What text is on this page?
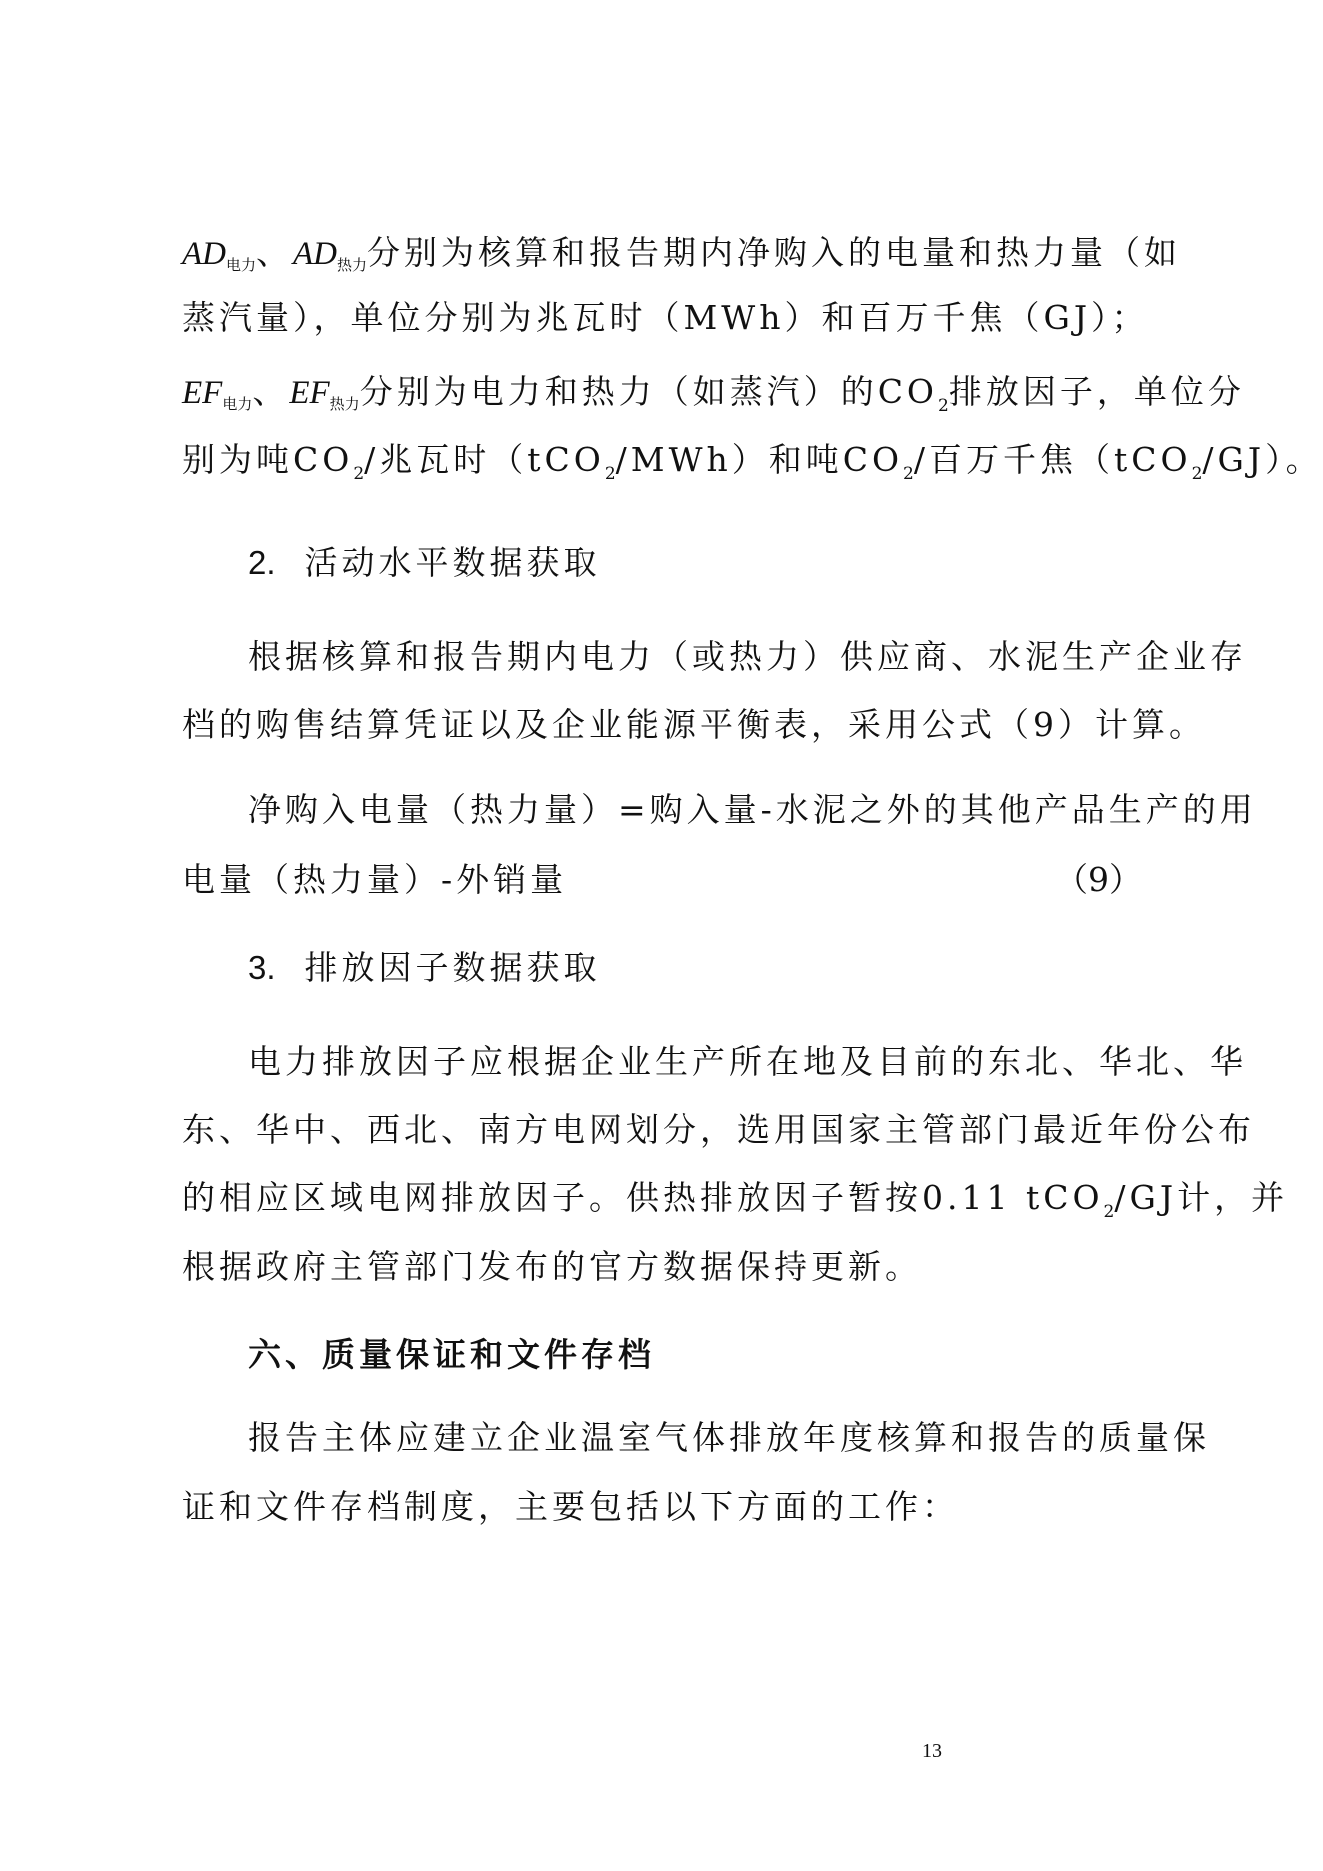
$AD_{电力}$、$AD_{热力}$分别为核算和报告期内净购入的电量和热力量（如
蒸汽量），单位分别为兆瓦时（MWh）和百万千焦（GJ）；
$EF_{电力}$、$EF_{热力}$分别为电力和热力（如蒸汽）的$CO_2$排放因子，单位分
别为吨$CO_2/$兆瓦时（tCO$_2$/MWh）和吨$CO_2/$百万千焦（tCO$_2$/GJ）。
2. 活动水平数据获取
根据核算和报告期内电力（或热力）供应商、水泥生产企业存
档的购售结算凭证以及企业能源平衡表，采用公式（9）计算。
净购入电量（热力量）=购入量-水泥之外的其他产品生产的用
电量（热力量）-外销量	（9）
3. 排放因子数据获取
电力排放因子应根据企业生产所在地及目前的东北、华北、华
东、华中、西北、南方电网划分，选用国家主管部门最近年份公布
的相应区域电网排放因子。供热排放因子暂按0.11 tCO$_2$/GJ计，并
根据政府主管部门发布的官方数据保持更新。
六、质量保证和文件存档
报告主体应建立企业温室气体排放年度核算和报告的质量保
证和文件存档制度，主要包括以下方面的工作：
13
